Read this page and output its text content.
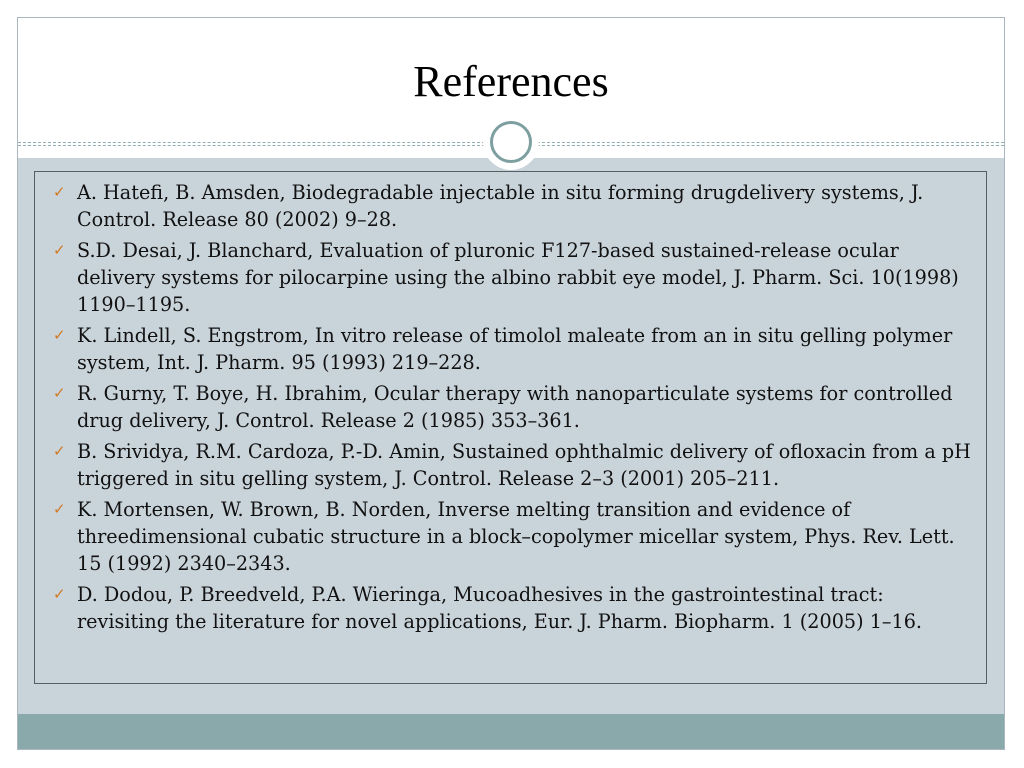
References
✓ A. Hatefi, B. Amsden, Biodegradable injectable in situ forming drugdelivery systems, J. Control. Release 80 (2002) 9–28.
✓ S.D. Desai, J. Blanchard, Evaluation of pluronic F127-based sustained-release ocular delivery systems for pilocarpine using the albino rabbit eye model, J. Pharm. Sci. 10(1998) 1190–1195.
✓ K. Lindell, S. Engstrom, In vitro release of timolol maleate from an in situ gelling polymer system, Int. J. Pharm. 95 (1993) 219–228.
✓ R. Gurny, T. Boye, H. Ibrahim, Ocular therapy with nanoparticulate systems for controlled drug delivery, J. Control. Release 2 (1985) 353–361.
✓ B. Srividya, R.M. Cardoza, P.-D. Amin, Sustained ophthalmic delivery of ofloxacin from a pH triggered in situ gelling system, J. Control. Release 2–3 (2001) 205–211.
✓ K. Mortensen, W. Brown, B. Norden, Inverse melting transition and evidence of threedimensional cubatic structure in a block–copolymer micellar system, Phys. Rev. Lett. 15 (1992) 2340–2343.
✓ D. Dodou, P. Breedveld, P.A. Wieringa, Mucoadhesives in the gastrointestinal tract: revisiting the literature for novel applications, Eur. J. Pharm. Biopharm. 1 (2005) 1–16.
